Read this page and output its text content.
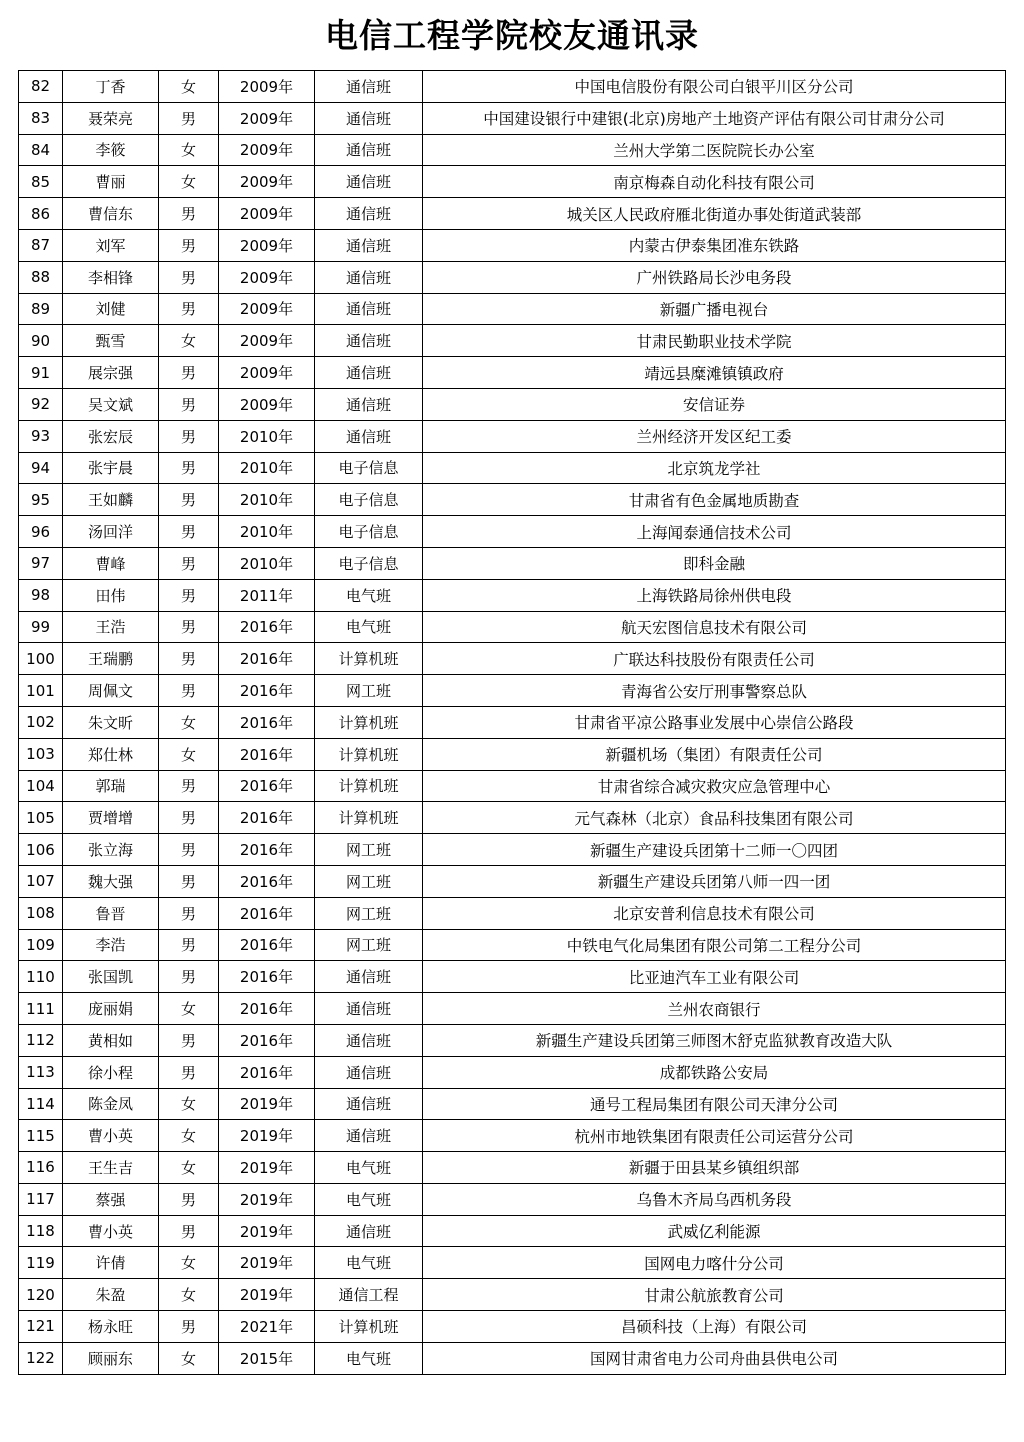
电信工程学院校友通讯录
82	丁香	女	2009年	通信班	中国电信股份有限公司白银平川区分公司
83	聂荣亮	男	2009年	通信班	中国建设银行中建银(北京)房地产土地资产评估有限公司甘肃分公司
84	李筱	女	2009年	通信班	兰州大学第二医院院长办公室
85	曹丽	女	2009年	通信班	南京梅森自动化科技有限公司
86	曹信东	男	2009年	通信班	城关区人民政府雁北街道办事处街道武装部
87	刘军	男	2009年	通信班	内蒙古伊泰集团准东铁路
88	李相锋	男	2009年	通信班	广州铁路局长沙电务段
89	刘健	男	2009年	通信班	新疆广播电视台
90	甄雪	女	2009年	通信班	甘肃民勤职业技术学院
91	展宗强	男	2009年	通信班	靖远县糜滩镇镇政府
92	吴文斌	男	2009年	通信班	安信证券
93	张宏辰	男	2010年	通信班	兰州经济开发区纪工委
94	张宇晨	男	2010年	电子信息	北京筑龙学社
95	王如麟	男	2010年	电子信息	甘肃省有色金属地质勘查
96	汤回洋	男	2010年	电子信息	上海闻泰通信技术公司
97	曹峰	男	2010年	电子信息	即科金融
98	田伟	男	2011年	电气班	上海铁路局徐州供电段
99	王浩	男	2016年	电气班	航天宏图信息技术有限公司
100	王瑞鹏	男	2016年	计算机班	广联达科技股份有限责任公司
101	周佩文	男	2016年	网工班	青海省公安厅刑事警察总队
102	朱文昕	女	2016年	计算机班	甘肃省平凉公路事业发展中心崇信公路段
103	郑仕林	女	2016年	计算机班	新疆机场（集团）有限责任公司
104	郭瑞	男	2016年	计算机班	甘肃省综合减灾救灾应急管理中心
105	贾增增	男	2016年	计算机班	元气森林（北京）食品科技集团有限公司
106	张立海	男	2016年	网工班	新疆生产建设兵团第十二师一〇四团
107	魏大强	男	2016年	网工班	新疆生产建设兵团第八师一四一团
108	鲁晋	男	2016年	网工班	北京安普利信息技术有限公司
109	李浩	男	2016年	网工班	中铁电气化局集团有限公司第二工程分公司
110	张国凯	男	2016年	通信班	比亚迪汽车工业有限公司
111	庞丽娟	女	2016年	通信班	兰州农商银行
112	黄相如	男	2016年	通信班	新疆生产建设兵团第三师图木舒克监狱教育改造大队
113	徐小程	男	2016年	通信班	成都铁路公安局
114	陈金凤	女	2019年	通信班	通号工程局集团有限公司天津分公司
115	曹小英	女	2019年	通信班	杭州市地铁集团有限责任公司运营分公司
116	王生吉	女	2019年	电气班	新疆于田县某乡镇组织部
117	蔡强	男	2019年	电气班	乌鲁木齐局乌西机务段
118	曹小英	男	2019年	通信班	武威亿利能源
119	许倩	女	2019年	电气班	国网电力喀什分公司
120	朱盈	女	2019年	通信工程	甘肃公航旅教育公司
121	杨永旺	男	2021年	计算机班	昌硕科技（上海）有限公司
122	顾丽东	女	2015年	电气班	国网甘肃省电力公司舟曲县供电公司
